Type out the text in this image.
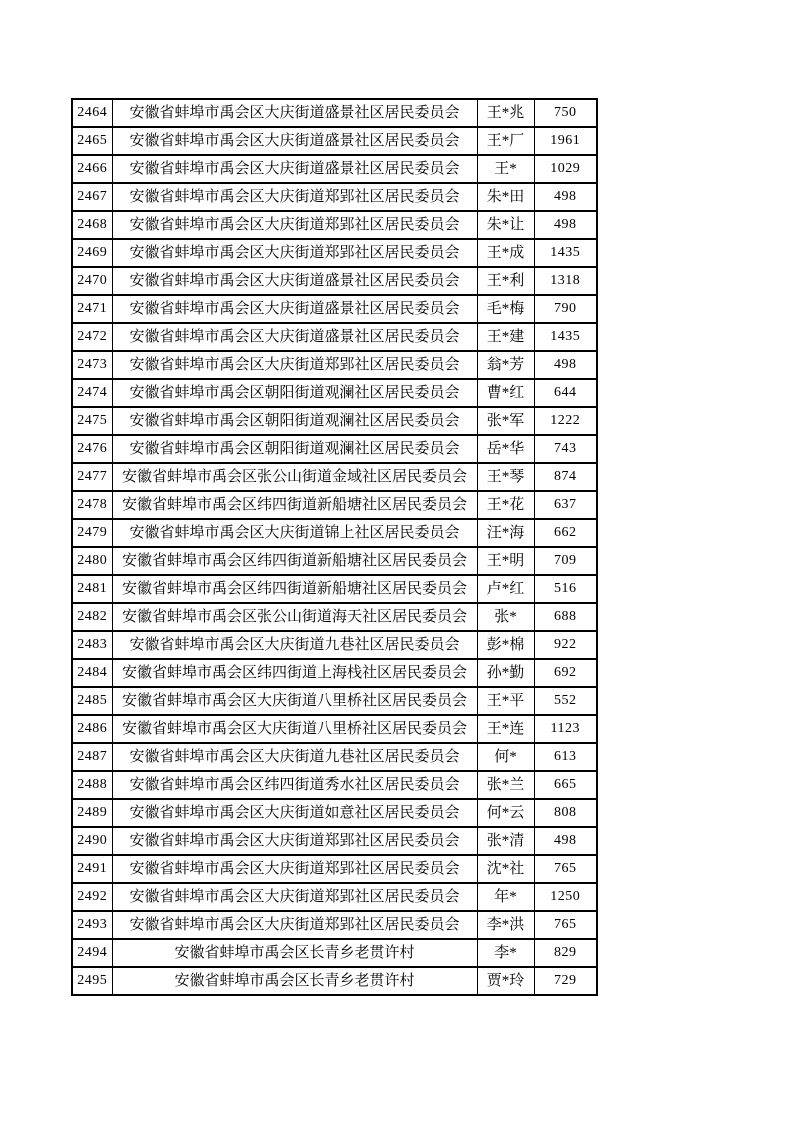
2464	安徽省蚌埠市禹会区大庆街道盛景社区居民委员会	王*兆	750
2465	安徽省蚌埠市禹会区大庆街道盛景社区居民委员会	王*厂	1961
2466	安徽省蚌埠市禹会区大庆街道盛景社区居民委员会	王*	1029
2467	安徽省蚌埠市禹会区大庆街道郑郢社区居民委员会	朱*田	498
2468	安徽省蚌埠市禹会区大庆街道郑郢社区居民委员会	朱*让	498
2469	安徽省蚌埠市禹会区大庆街道郑郢社区居民委员会	王*成	1435
2470	安徽省蚌埠市禹会区大庆街道盛景社区居民委员会	王*利	1318
2471	安徽省蚌埠市禹会区大庆街道盛景社区居民委员会	毛*梅	790
2472	安徽省蚌埠市禹会区大庆街道盛景社区居民委员会	王*建	1435
2473	安徽省蚌埠市禹会区大庆街道郑郢社区居民委员会	翁*芳	498
2474	安徽省蚌埠市禹会区朝阳街道观澜社区居民委员会	曹*红	644
2475	安徽省蚌埠市禹会区朝阳街道观澜社区居民委员会	张*军	1222
2476	安徽省蚌埠市禹会区朝阳街道观澜社区居民委员会	岳*华	743
2477	安徽省蚌埠市禹会区张公山街道金域社区居民委员会	王*琴	874
2478	安徽省蚌埠市禹会区纬四街道新船塘社区居民委员会	王*花	637
2479	安徽省蚌埠市禹会区大庆街道锦上社区居民委员会	汪*海	662
2480	安徽省蚌埠市禹会区纬四街道新船塘社区居民委员会	王*明	709
2481	安徽省蚌埠市禹会区纬四街道新船塘社区居民委员会	卢*红	516
2482	安徽省蚌埠市禹会区张公山街道海天社区居民委员会	张*	688
2483	安徽省蚌埠市禹会区大庆街道九巷社区居民委员会	彭*棉	922
2484	安徽省蚌埠市禹会区纬四街道上海栈社区居民委员会	孙*勤	692
2485	安徽省蚌埠市禹会区大庆街道八里桥社区居民委员会	王*平	552
2486	安徽省蚌埠市禹会区大庆街道八里桥社区居民委员会	王*连	1123
2487	安徽省蚌埠市禹会区大庆街道九巷社区居民委员会	何*	613
2488	安徽省蚌埠市禹会区纬四街道秀水社区居民委员会	张*兰	665
2489	安徽省蚌埠市禹会区大庆街道如意社区居民委员会	何*云	808
2490	安徽省蚌埠市禹会区大庆街道郑郢社区居民委员会	张*清	498
2491	安徽省蚌埠市禹会区大庆街道郑郢社区居民委员会	沈*社	765
2492	安徽省蚌埠市禹会区大庆街道郑郢社区居民委员会	年*	1250
2493	安徽省蚌埠市禹会区大庆街道郑郢社区居民委员会	李*洪	765
2494	安徽省蚌埠市禹会区长青乡老贯许村	李*	829
2495	安徽省蚌埠市禹会区长青乡老贯许村	贾*玲	729
